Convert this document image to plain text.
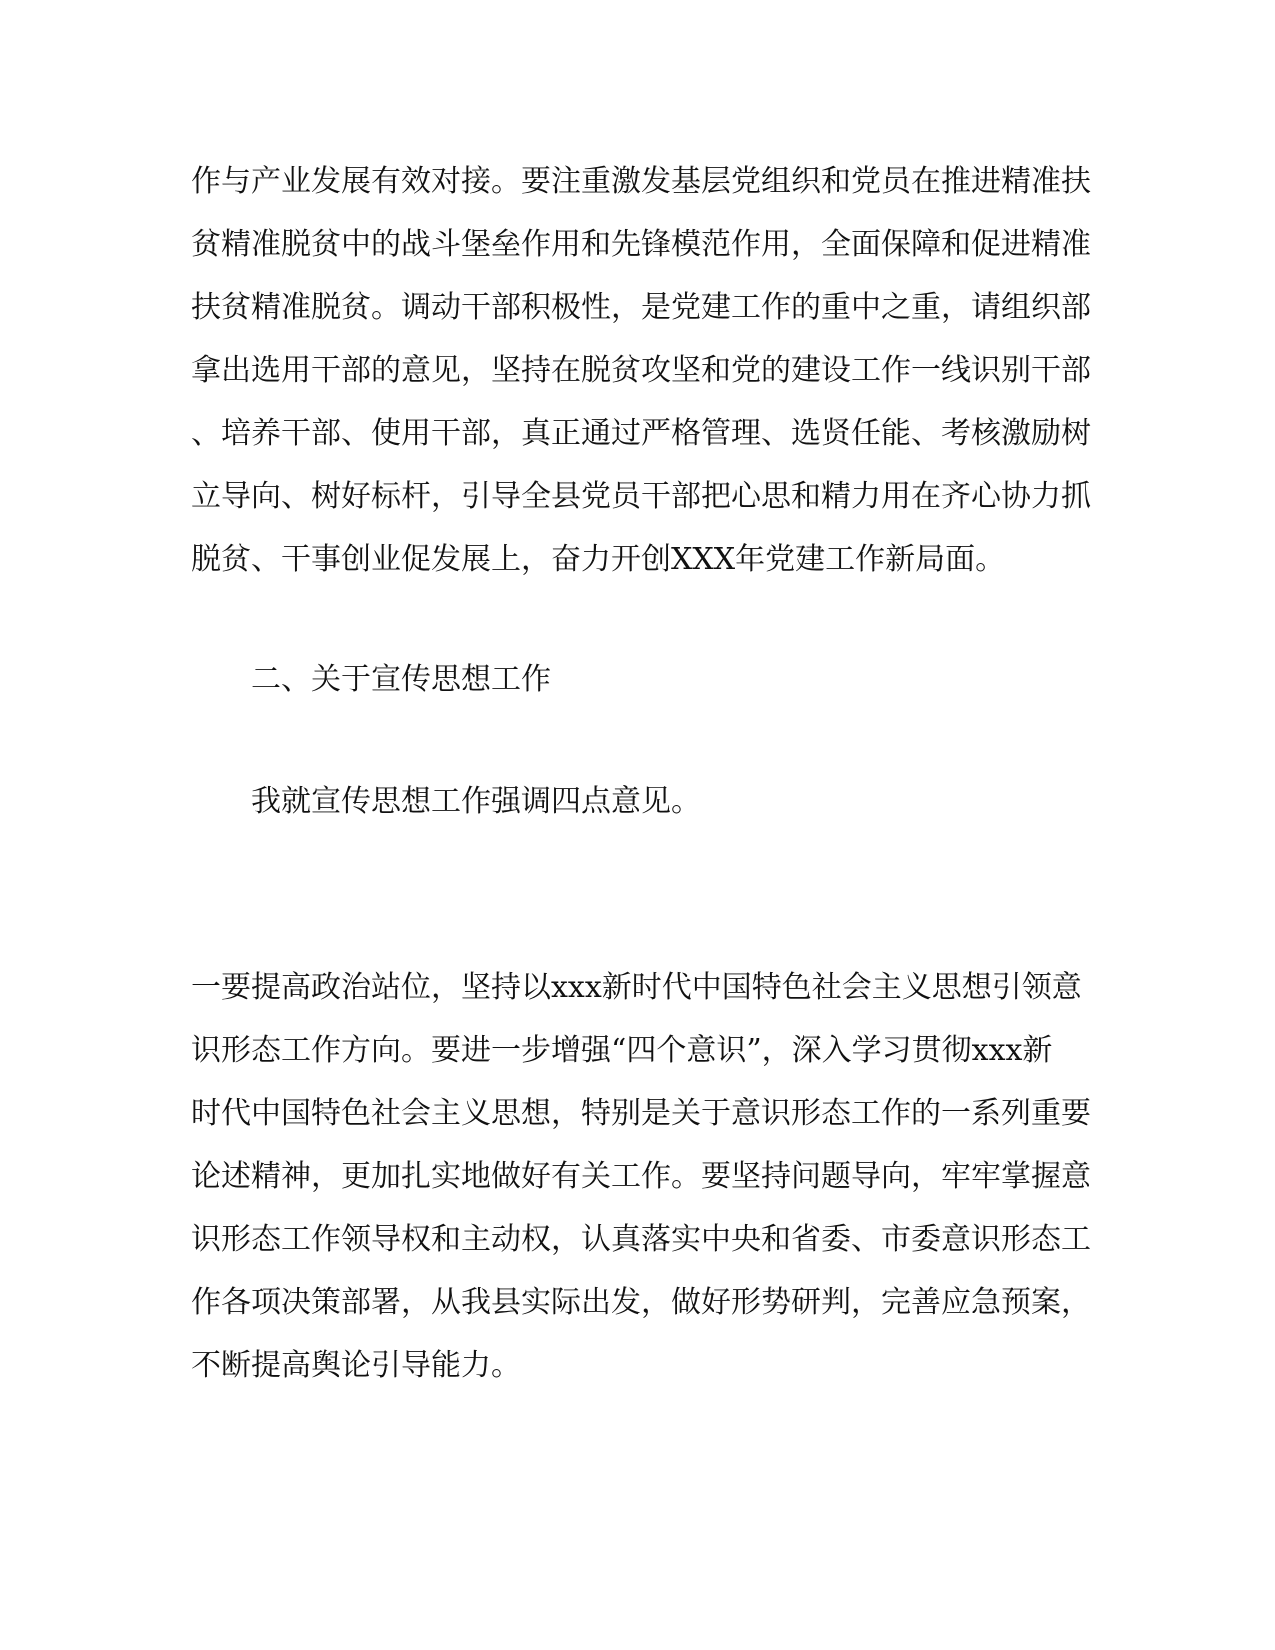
作与产业发展有效对接。要注重激发基层党组织和党员在推进精准扶

贫精准脱贫中的战斗堡垒作用和先锋模范作用，全面保障和促进精准

扶贫精准脱贫。调动干部积极性，是党建工作的重中之重，请组织部

拿出选用干部的意见，坚持在脱贫攻坚和党的建设工作一线识别干部

、培养干部、使用干部，真正通过严格管理、选贤任能、考核激励树

立导向、树好标杆，引导全县党员干部把心思和精力用在齐心协力抓

脱贫、干事创业促发展上，奋力开创XXX年党建工作新局面。

二、关于宣传思想工作

我就宣传思想工作强调四点意见。

一要提高政治站位，坚持以xxx新时代中国特色社会主义思想引领意

识形态工作方向。要进一步增强“四个意识”，深入学习贯彻xxx新

时代中国特色社会主义思想，特别是关于意识形态工作的一系列重要

论述精神，更加扎实地做好有关工作。要坚持问题导向，牢牢掌握意

识形态工作领导权和主动权，认真落实中央和省委、市委意识形态工

作各项决策部署，从我县实际出发，做好形势研判，完善应急预案，

不断提高舆论引导能力。
